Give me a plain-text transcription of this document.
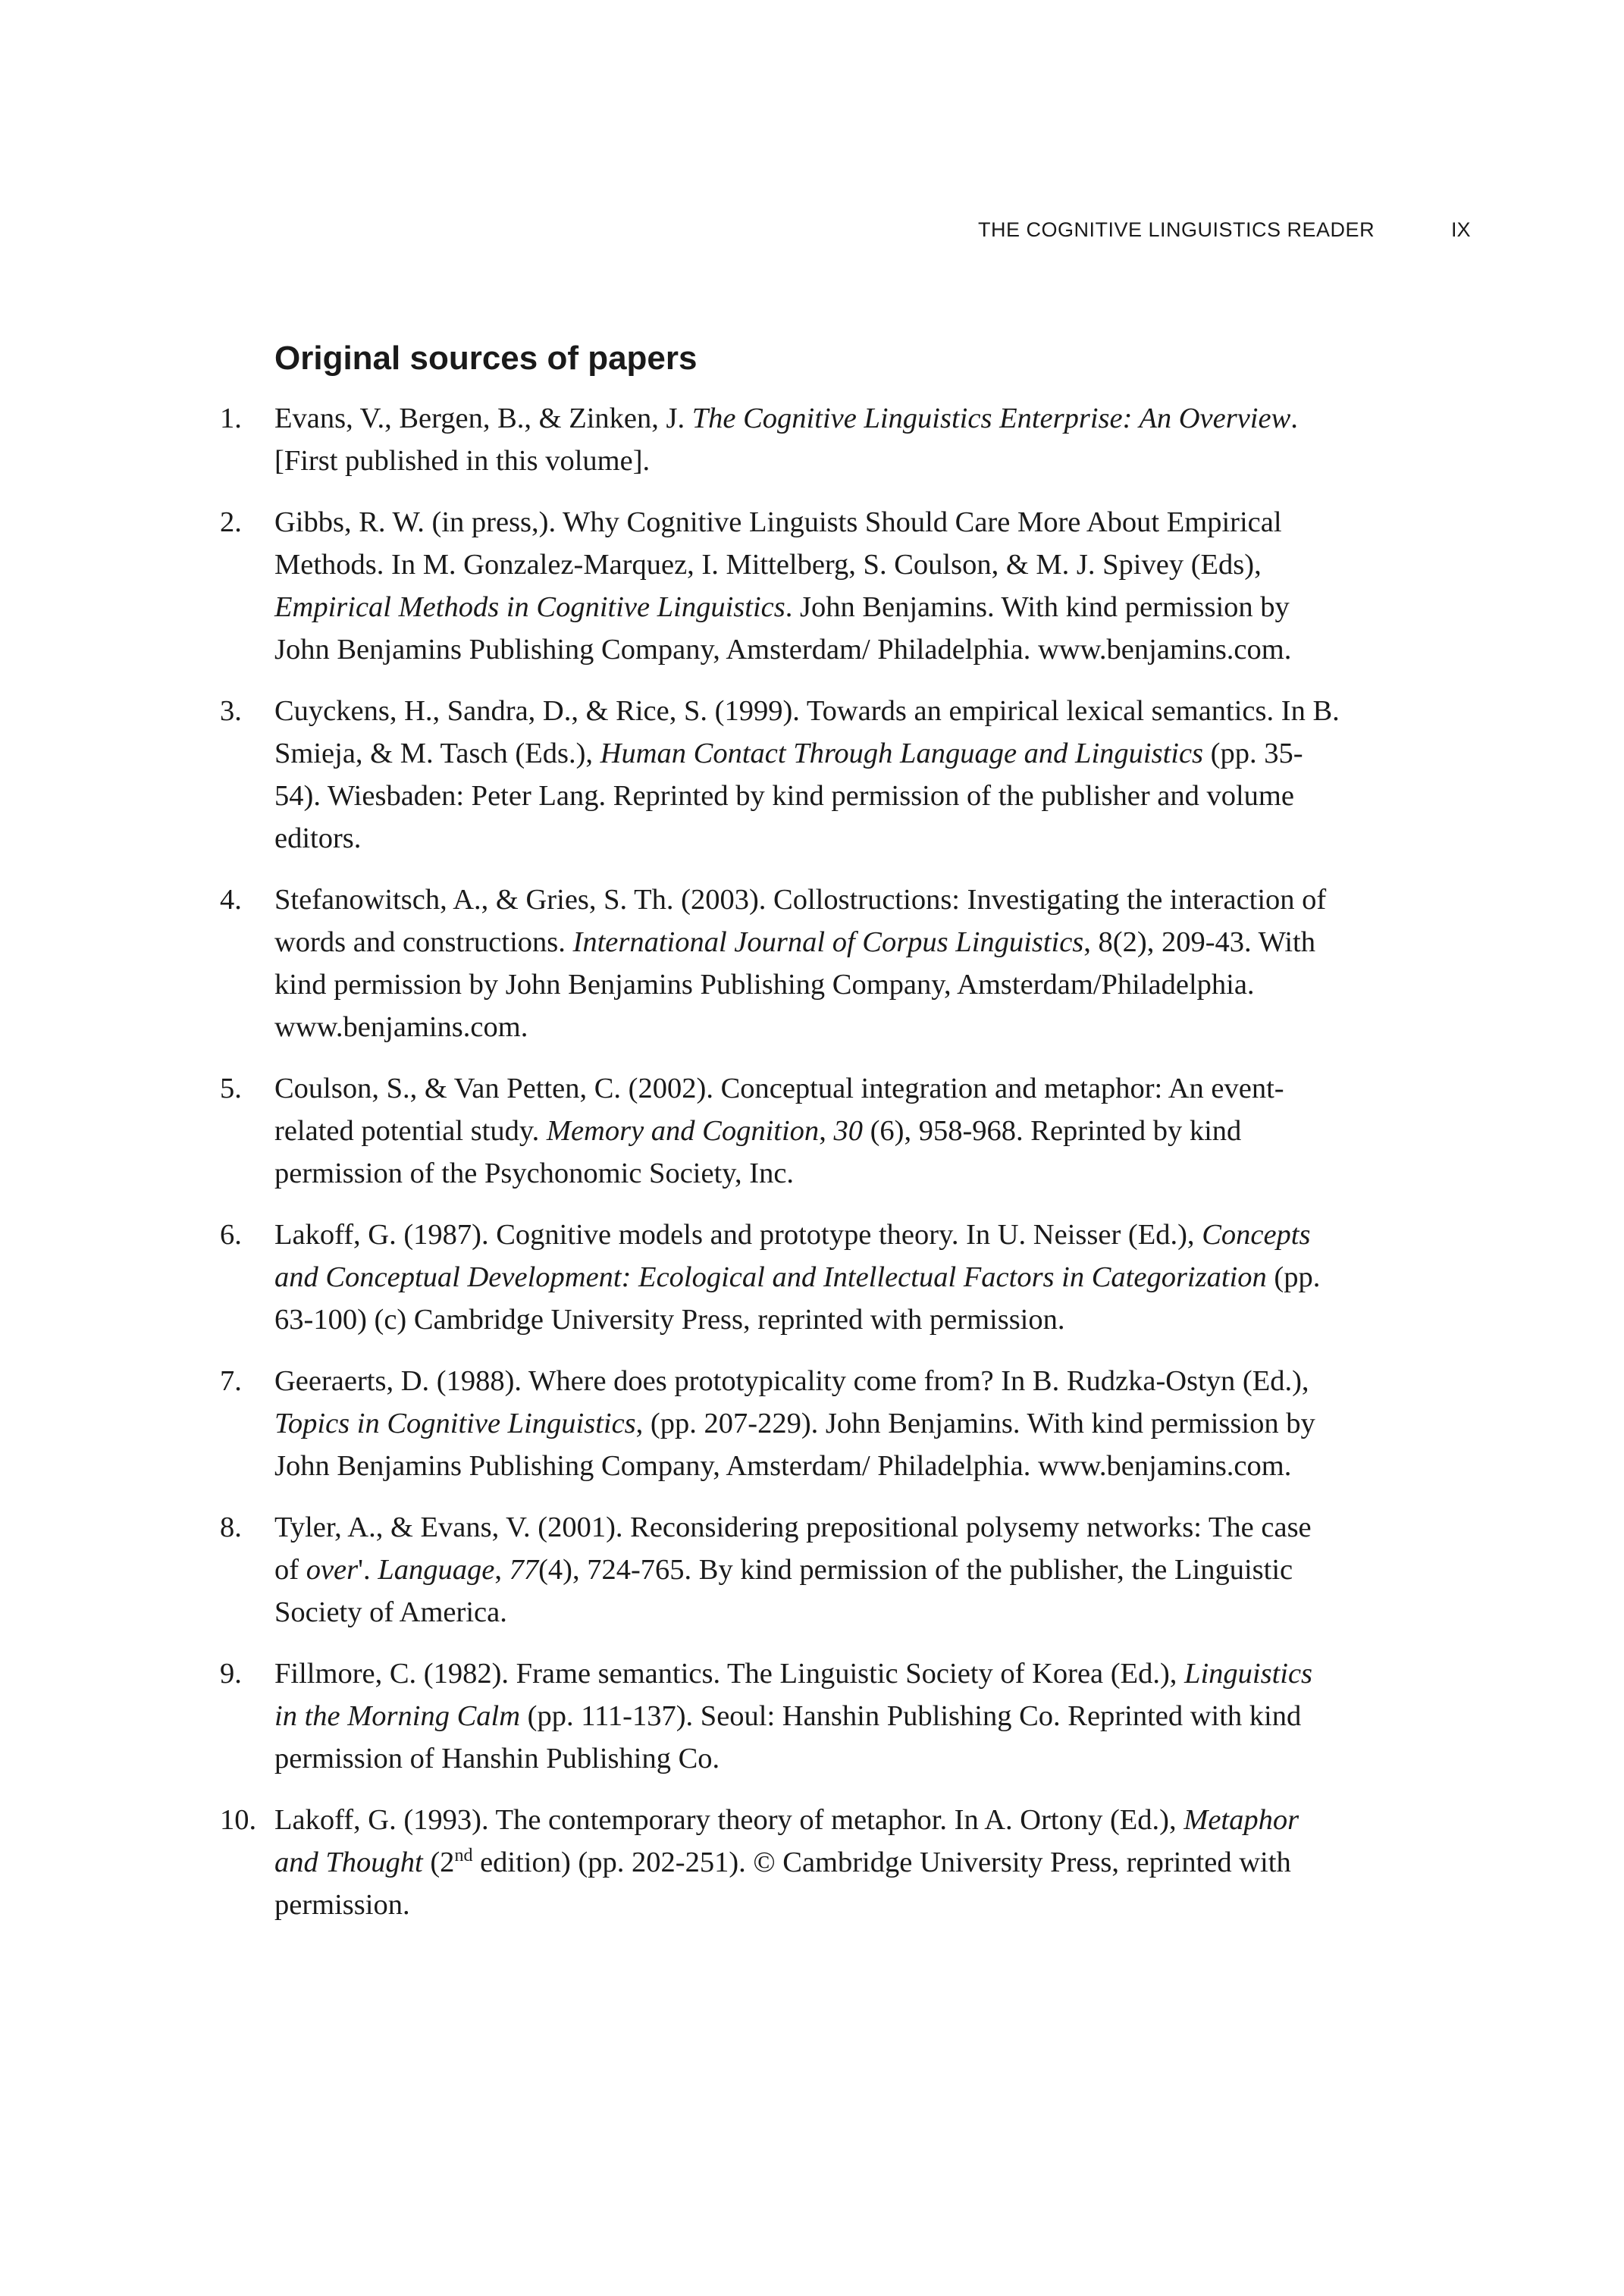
THE COGNITIVE LINGUISTICS READER	IX
Original sources of papers
1.	Evans, V., Bergen, B., & Zinken, J. The Cognitive Linguistics Enterprise: An Overview. [First published in this volume].
2.	Gibbs, R. W. (in press,). Why Cognitive Linguists Should Care More About Empirical Methods. In M. Gonzalez-Marquez, I. Mittelberg, S. Coulson, & M. J. Spivey (Eds), Empirical Methods in Cognitive Linguistics. John Benjamins. With kind permission by John Benjamins Publishing Company, Amsterdam/ Philadelphia. www.benjamins.com.
3.	Cuyckens, H., Sandra, D., & Rice, S. (1999). Towards an empirical lexical semantics. In B. Smieja, & M. Tasch (Eds.), Human Contact Through Language and Linguistics (pp. 35-54). Wiesbaden: Peter Lang. Reprinted by kind permission of the publisher and volume editors.
4.	Stefanowitsch, A., & Gries, S. Th. (2003). Collostructions: Investigating the interaction of words and constructions. International Journal of Corpus Linguistics, 8(2), 209-43. With kind permission by John Benjamins Publishing Company, Amsterdam/Philadelphia. www.benjamins.com.
5.	Coulson, S., & Van Petten, C. (2002). Conceptual integration and metaphor: An event-related potential study. Memory and Cognition, 30 (6), 958-968. Reprinted by kind permission of the Psychonomic Society, Inc.
6.	Lakoff, G. (1987). Cognitive models and prototype theory. In U. Neisser (Ed.), Concepts and Conceptual Development: Ecological and Intellectual Factors in Categorization (pp. 63-100) (c) Cambridge University Press, reprinted with permission.
7.	Geeraerts, D. (1988). Where does prototypicality come from? In B. Rudzka-Ostyn (Ed.), Topics in Cognitive Linguistics, (pp. 207-229). John Benjamins. With kind permission by John Benjamins Publishing Company, Amsterdam/ Philadelphia. www.benjamins.com.
8.	Tyler, A., & Evans, V. (2001). Reconsidering prepositional polysemy networks: The case of over'. Language, 77(4), 724-765. By kind permission of the publisher, the Linguistic Society of America.
9.	Fillmore, C. (1982). Frame semantics. The Linguistic Society of Korea (Ed.), Linguistics in the Morning Calm (pp. 111-137). Seoul: Hanshin Publishing Co. Reprinted with kind permission of Hanshin Publishing Co.
10. Lakoff, G. (1993). The contemporary theory of metaphor. In A. Ortony (Ed.), Metaphor and Thought (2nd edition) (pp. 202-251). © Cambridge University Press, reprinted with permission.
